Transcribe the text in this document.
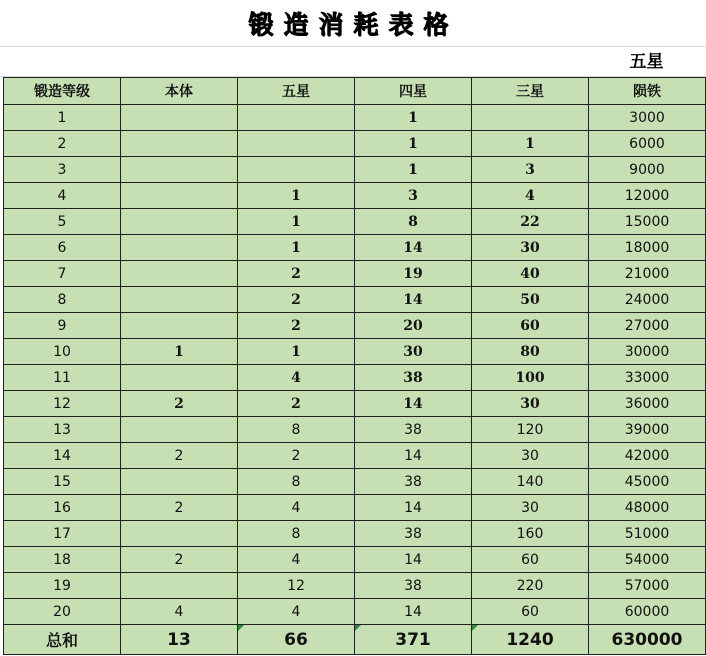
锻造消耗表格
五星
锻造等级	本体	五星	四星	三星	陨铁
1			1		3000
2			1	1	6000
3			1	3	9000
4		1	3	4	12000
5		1	8	22	15000
6		1	14	30	18000
7		2	19	40	21000
8		2	14	50	24000
9		2	20	60	27000
10	1	1	30	80	30000
11		4	38	100	33000
12	2	2	14	30	36000
13		8	38	120	39000
14	2	2	14	30	42000
15		8	38	140	45000
16	2	4	14	30	48000
17		8	38	160	51000
18	2	4	14	60	54000
19		12	38	220	57000
20	4	4	14	60	60000
总和	13	66	371	1240	630000
